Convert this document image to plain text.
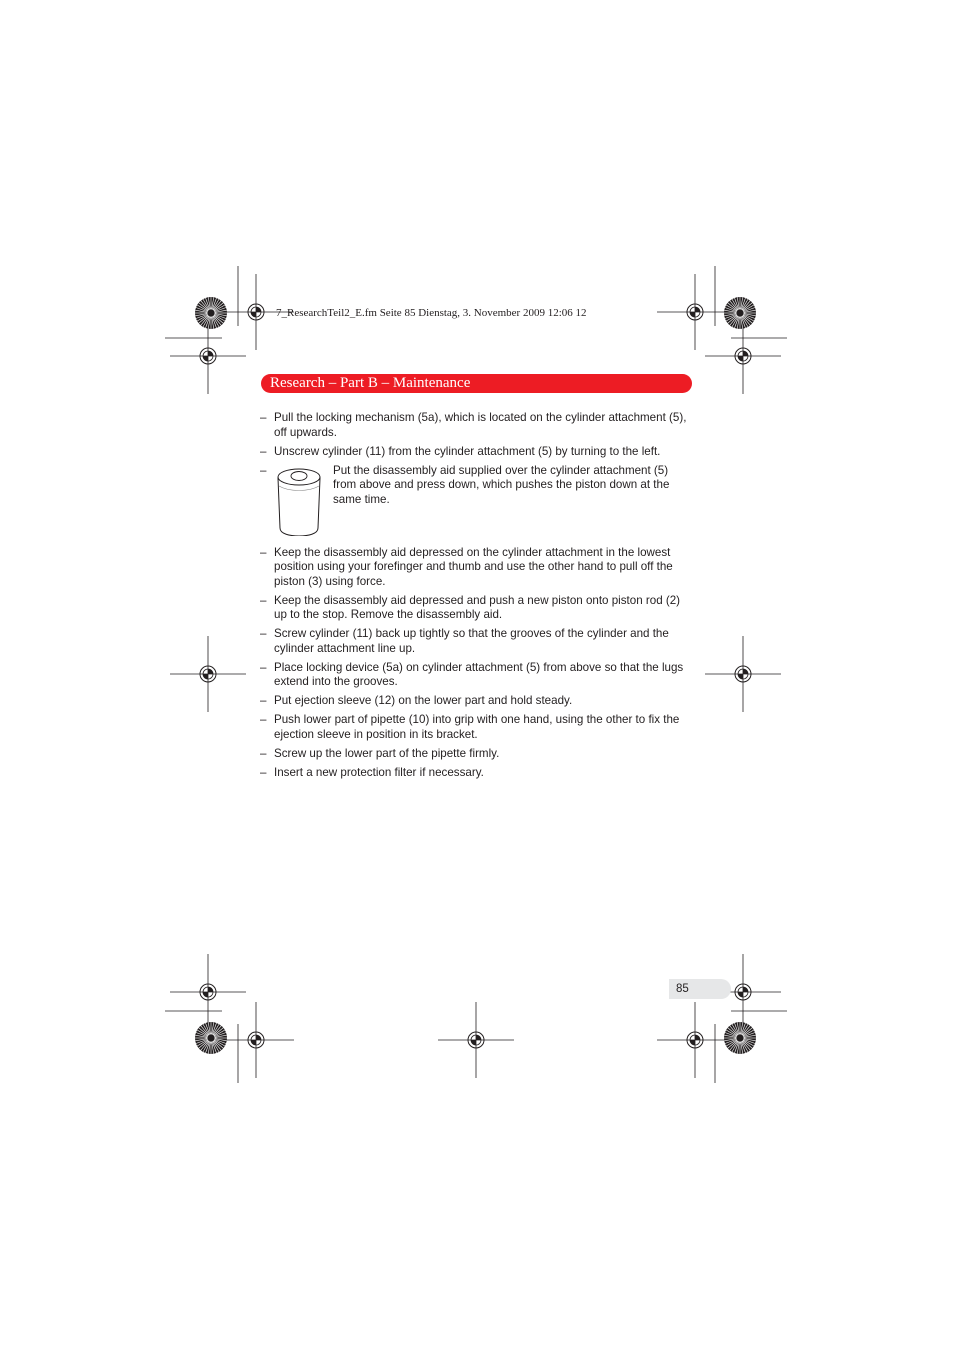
7_ResearchTeil2_E.fm Seite 85 Dienstag, 3. November 2009 12:06 12
Research – Part B – Maintenance
– Pull the locking mechanism (5a), which is located on the cylinder attachment (5), off upwards.
– Unscrew cylinder (11) from the cylinder attachment (5) by turning to the left.
–	Put the disassembly aid supplied over the cylinder attachment (5) from above and press down, which pushes the piston down at the same time.
– Keep the disassembly aid depressed on the cylinder attachment in the lowest position using your forefinger and thumb and use the other hand to pull off the piston (3) using force.
– Keep the disassembly aid depressed and push a new piston onto piston rod (2) up to the stop. Remove the disassembly aid.
– Screw cylinder (11) back up tightly so that the grooves of the cylinder and the cylinder attachment line up.
– Place locking device (5a) on cylinder attachment (5) from above so that the lugs extend into the grooves.
– Put ejection sleeve (12) on the lower part and hold steady.
– Push lower part of pipette (10) into grip with one hand, using the other to fix the ejection sleeve in position in its bracket.
– Screw up the lower part of the pipette firmly.
– Insert a new protection filter if necessary.
85
